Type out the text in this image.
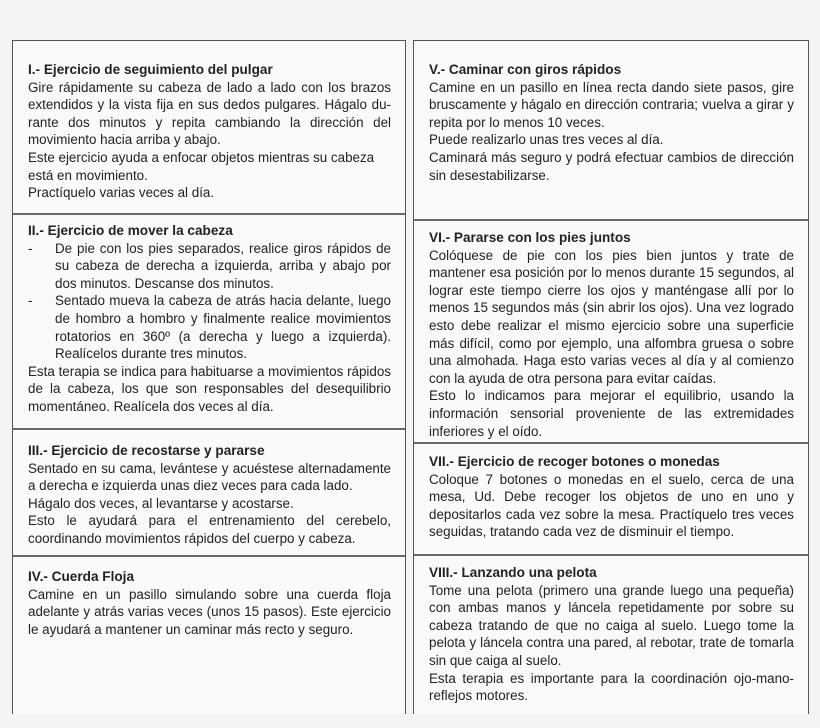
I.- Ejercicio de seguimiento del pulgar
Gire rápidamente su cabeza de lado a lado con los brazos extendidos y la vista fija en sus dedos pulgares. Hágalo du-rante dos minutos y repita cambiando la dirección del movimiento hacia arriba y abajo.
Este ejercicio ayuda a enfocar objetos mientras su cabeza está en movimiento.
Practíquelo varias veces al día.
II.- Ejercicio de mover la cabeza
- De pie con los pies separados, realice giros rápidos de su cabeza de derecha a izquierda, arriba y abajo por dos minutos. Descanse dos minutos.
- Sentado mueva la cabeza de atrás hacia delante, luego de hombro a hombro y finalmente realice movimientos rotatorios en 360º (a derecha y luego a izquierda). Realícelos durante tres minutos.
Esta terapia se indica para habituarse a movimientos rápidos de la cabeza, los que son responsables del desequilibrio momentáneo. Realícela dos veces al día.
III.- Ejercicio de recostarse y pararse
Sentado en su cama, levántese y acuéstese alternadamente a derecha e izquierda unas diez veces para cada lado.
Hágalo dos veces, al levantarse y acostarse.
Esto le ayudará para el entrenamiento del cerebelo, coordinando movimientos rápidos del cuerpo y cabeza.
IV.- Cuerda Floja
Camine en un pasillo simulando sobre una cuerda floja adelante y atrás varias veces (unos 15 pasos). Este ejercicio le ayudará a mantener un caminar más recto y seguro.
V.- Caminar con giros rápidos
Camine en un pasillo en línea recta dando siete pasos, gire bruscamente y hágalo en dirección contraria; vuelva a girar y repita por lo menos 10 veces.
Puede realizarlo unas tres veces al día.
Caminará más seguro y podrá efectuar cambios de dirección sin desestabilizarse.
VI.- Pararse con los pies juntos
Colóquese de pie con los pies bien juntos y trate de mantener esa posición por lo menos durante 15 segundos, al lograr este tiempo cierre los ojos y manténgase allí por lo menos 15 segundos más (sin abrir los ojos). Una vez logrado esto debe realizar el mismo ejercicio sobre una superficie más difícil, como por ejemplo, una alfombra gruesa o sobre una almohada. Haga esto varias veces al día y al comienzo con la ayuda de otra persona para evitar caídas.
Esto lo indicamos para mejorar el equilibrio, usando la información sensorial proveniente de las extremidades inferiores y el oído.
VII.- Ejercicio de recoger botones o monedas
Coloque 7 botones o monedas en el suelo, cerca de una mesa, Ud. Debe recoger los objetos de uno en uno y depositarlos cada vez sobre la mesa. Practíquelo tres veces seguidas, tratando cada vez de disminuir el tiempo.
VIII.- Lanzando una pelota
Tome una pelota (primero una grande luego una pequeña) con ambas manos y láncela repetidamente por sobre su cabeza tratando de que no caiga al suelo. Luego tome la pelota y láncela contra una pared, al rebotar, trate de tomarla sin que caiga al suelo.
Esta terapia es importante para la coordinación ojo-mano-reflejos motores.
